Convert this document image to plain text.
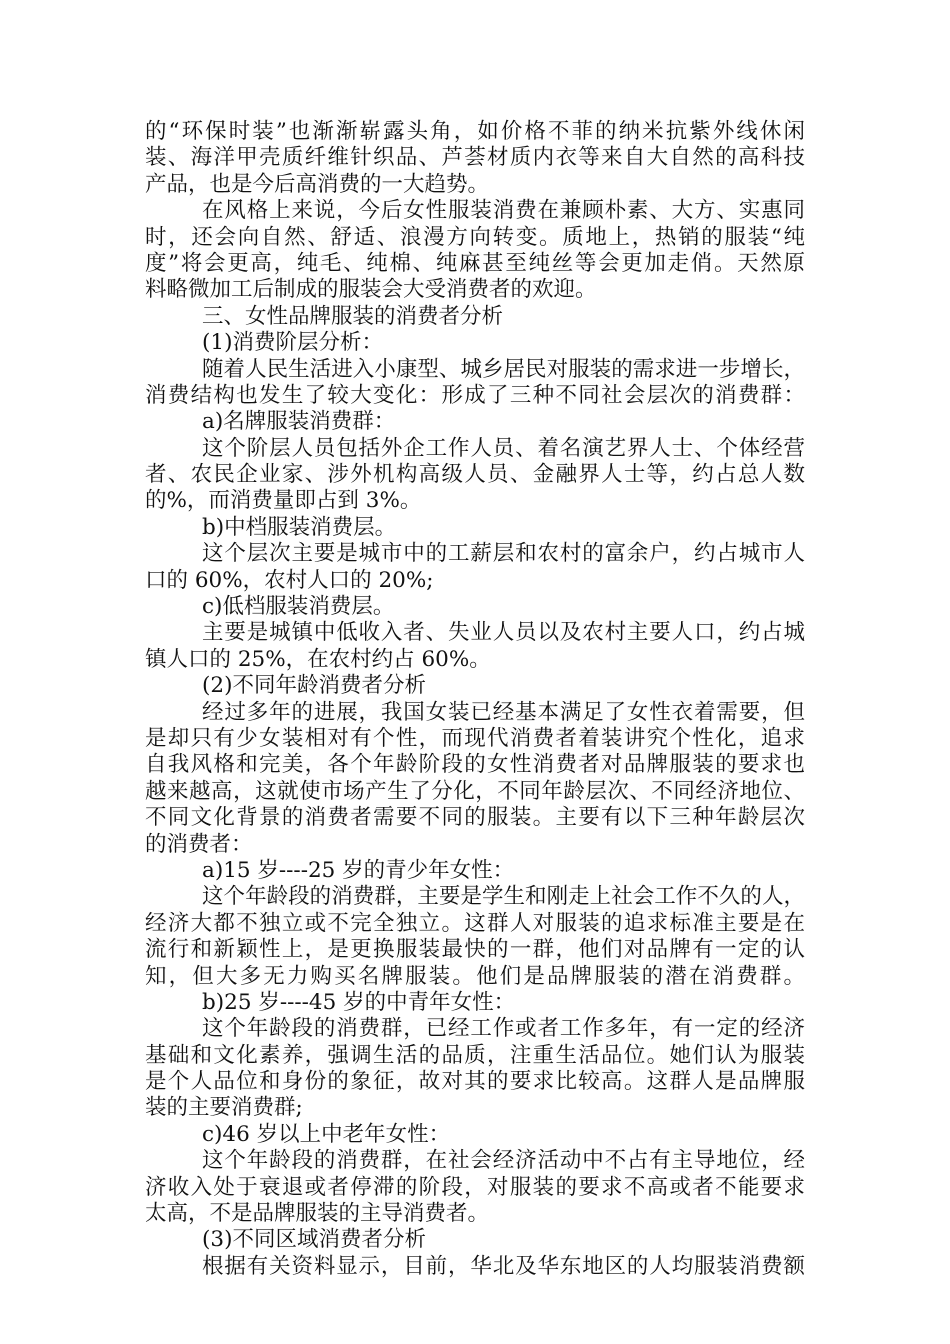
的“环保时装”也渐渐崭露头角，如价格不菲的纳米抗紫外线休闲
装、海洋甲壳质纤维针织品、芦荟材质内衣等来自大自然的高科技
产品，也是今后高消费的一大趋势。
在风格上来说，今后女性服装消费在兼顾朴素、大方、实惠同
时，还会向自然、舒适、浪漫方向转变。质地上，热销的服装“纯
度”将会更高，纯毛、纯棉、纯麻甚至纯丝等会更加走俏。天然原
料略微加工后制成的服装会大受消费者的欢迎。
三、女性品牌服装的消费者分析
(1)消费阶层分析：
随着人民生活进入小康型、城乡居民对服装的需求进一步增长，
消费结构也发生了较大变化：形成了三种不同社会层次的消费群：
a)名牌服装消费群：
这个阶层人员包括外企工作人员、着名演艺界人士、个体经营
者、农民企业家、涉外机构高级人员、金融界人士等，约占总人数
的%，而消费量即占到 3%。
b)中档服装消费层。
这个层次主要是城市中的工薪层和农村的富余户，约占城市人
口的 60%，农村人口的 20%;
c)低档服装消费层。
主要是城镇中低收入者、失业人员以及农村主要人口，约占城
镇人口的 25%，在农村约占 60%。
(2)不同年龄消费者分析
经过多年的进展，我国女装已经基本满足了女性衣着需要，但
是却只有少女装相对有个性，而现代消费者着装讲究个性化，追求
自我风格和完美，各个年龄阶段的女性消费者对品牌服装的要求也
越来越高，这就使市场产生了分化，不同年龄层次、不同经济地位、
不同文化背景的消费者需要不同的服装。主要有以下三种年龄层次
的消费者：
a)15 岁----25 岁的青少年女性：
这个年龄段的消费群，主要是学生和刚走上社会工作不久的人，
经济大都不独立或不完全独立。这群人对服装的追求标准主要是在
流行和新颖性上，是更换服装最快的一群，他们对品牌有一定的认
知，但大多无力购买名牌服装。他们是品牌服装的潜在消费群。
b)25 岁----45 岁的中青年女性：
这个年龄段的消费群，已经工作或者工作多年，有一定的经济
基础和文化素养，强调生活的品质，注重生活品位。她们认为服装
是个人品位和身份的象征，故对其的要求比较高。这群人是品牌服
装的主要消费群;
c)46 岁以上中老年女性：
这个年龄段的消费群，在社会经济活动中不占有主导地位，经
济收入处于衰退或者停滞的阶段，对服装的要求不高或者不能要求
太高，不是品牌服装的主导消费者。
(3)不同区域消费者分析
根据有关资料显示，目前，华北及华东地区的人均服装消费额
